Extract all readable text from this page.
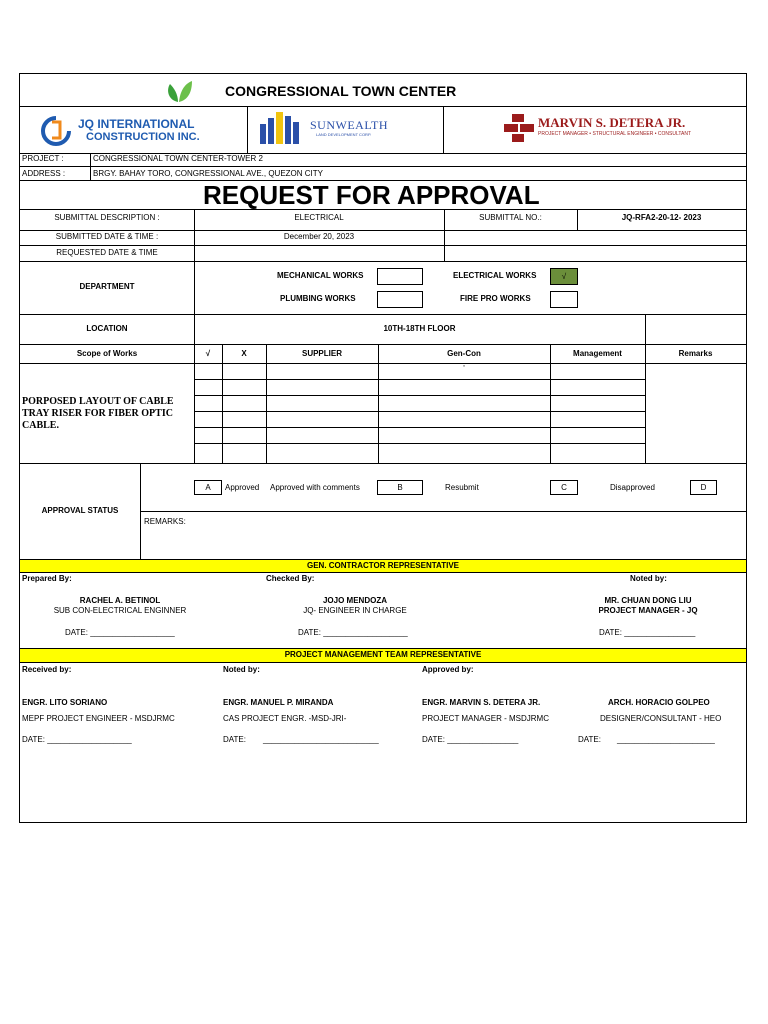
CONGRESSIONAL TOWN CENTER
JQ INTERNATIONAL
CONSTRUCTION INC.
SUNWEALTH
LAND DEVELOPMENT CORP.
MARVIN S. DETERA JR.
PROJECT MANAGER • STRUCTURAL ENGINEER • CONSULTANT
PROJECT :	CONGRESSIONAL TOWN CENTER-TOWER 2
ADDRESS :	BRGY. BAHAY TORO, CONGRESSIONAL AVE., QUEZON CITY
REQUEST FOR APPROVAL
SUBMITTAL DESCRIPTION :	ELECTRICAL	SUBMITTAL NO.:	JQ-RFA2-20-12- 2023
SUBMITTED DATE & TIME :	December 20, 2023
REQUESTED DATE & TIME
DEPARTMENT
MECHANICAL WORKS	ELECTRICAL WORKS	√
PLUMBING WORKS	FIRE PRO WORKS
LOCATION	10TH-18TH FLOOR
Scope of Works	√	X	SUPPLIER	Gen-Con	Management	Remarks
'
PORPOSED LAYOUT OF CABLE TRAY RISER FOR FIBER OPTIC CABLE.
APPROVAL STATUS
A	Approved Approved with comments	B	Resubmit	C	Disapproved	D
REMARKS:
GEN. CONTRACTOR REPRESENTATIVE
Prepared By:	Checked By:	Noted by:
RACHEL A. BETINOL
SUB CON-ELECTRICAL ENGINNER
JOJO MENDOZA
JQ- ENGINEER IN CHARGE
MR. CHUAN DONG LIU
PROJECT MANAGER - JQ
DATE: ___________________	DATE: ___________________	DATE: ________________
PROJECT MANAGEMENT TEAM REPRESENTATIVE
Received by:	Noted by:	Approved by:
ENGR. LITO SORIANO
MEPF PROJECT ENGINEER - MSDJRMC
ENGR. MANUEL P. MIRANDA
CAS PROJECT ENGR. -MSD-JRI-
ENGR. MARVIN S. DETERA JR.
PROJECT MANAGER - MSDJRMC
ARCH. HORACIO GOLPEO
DESIGNER/CONSULTANT - HEO
DATE: ___________________	DATE: __________________________	DATE: ________________	DATE: ______________________
